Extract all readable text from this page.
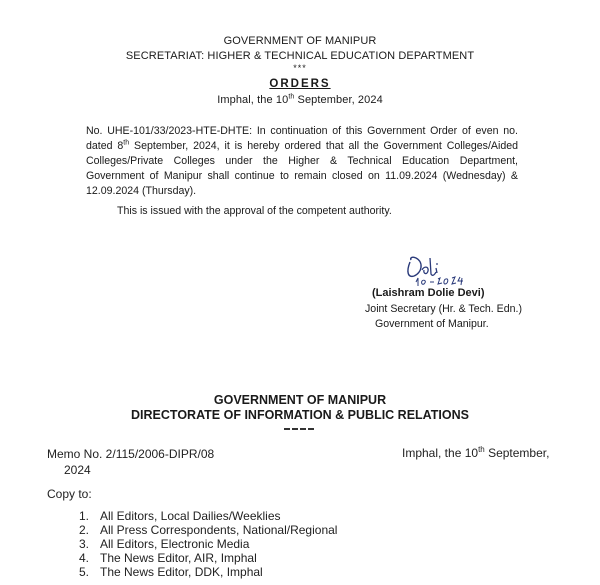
GOVERNMENT OF MANIPUR
SECRETARIAT: HIGHER & TECHNICAL EDUCATION DEPARTMENT
***
ORDERS
Imphal, the 10th September, 2024
No. UHE-101/33/2023-HTE-DHTE: In continuation of this Government Order of even no. dated 8th September, 2024, it is hereby ordered that all the Government Colleges/Aided Colleges/Private Colleges under the Higher & Technical Education Department, Government of Manipur shall continue to remain closed on 11.09.2024 (Wednesday) & 12.09.2024 (Thursday).
This is issued with the approval of the competent authority.
(Laishram Dolie Devi)
Joint Secretary (Hr. & Tech. Edn.)
Government of Manipur.
GOVERNMENT OF MANIPUR
DIRECTORATE OF INFORMATION & PUBLIC RELATIONS
Memo No. 2/115/2006-DIPR/08	Imphal, the 10th September,
2024
Copy to:
1. All Editors, Local Dailies/Weeklies
2. All Press Correspondents, National/Regional
3. All Editors, Electronic Media
4. The News Editor, AIR, Imphal
5. The News Editor, DDK, Imphal
